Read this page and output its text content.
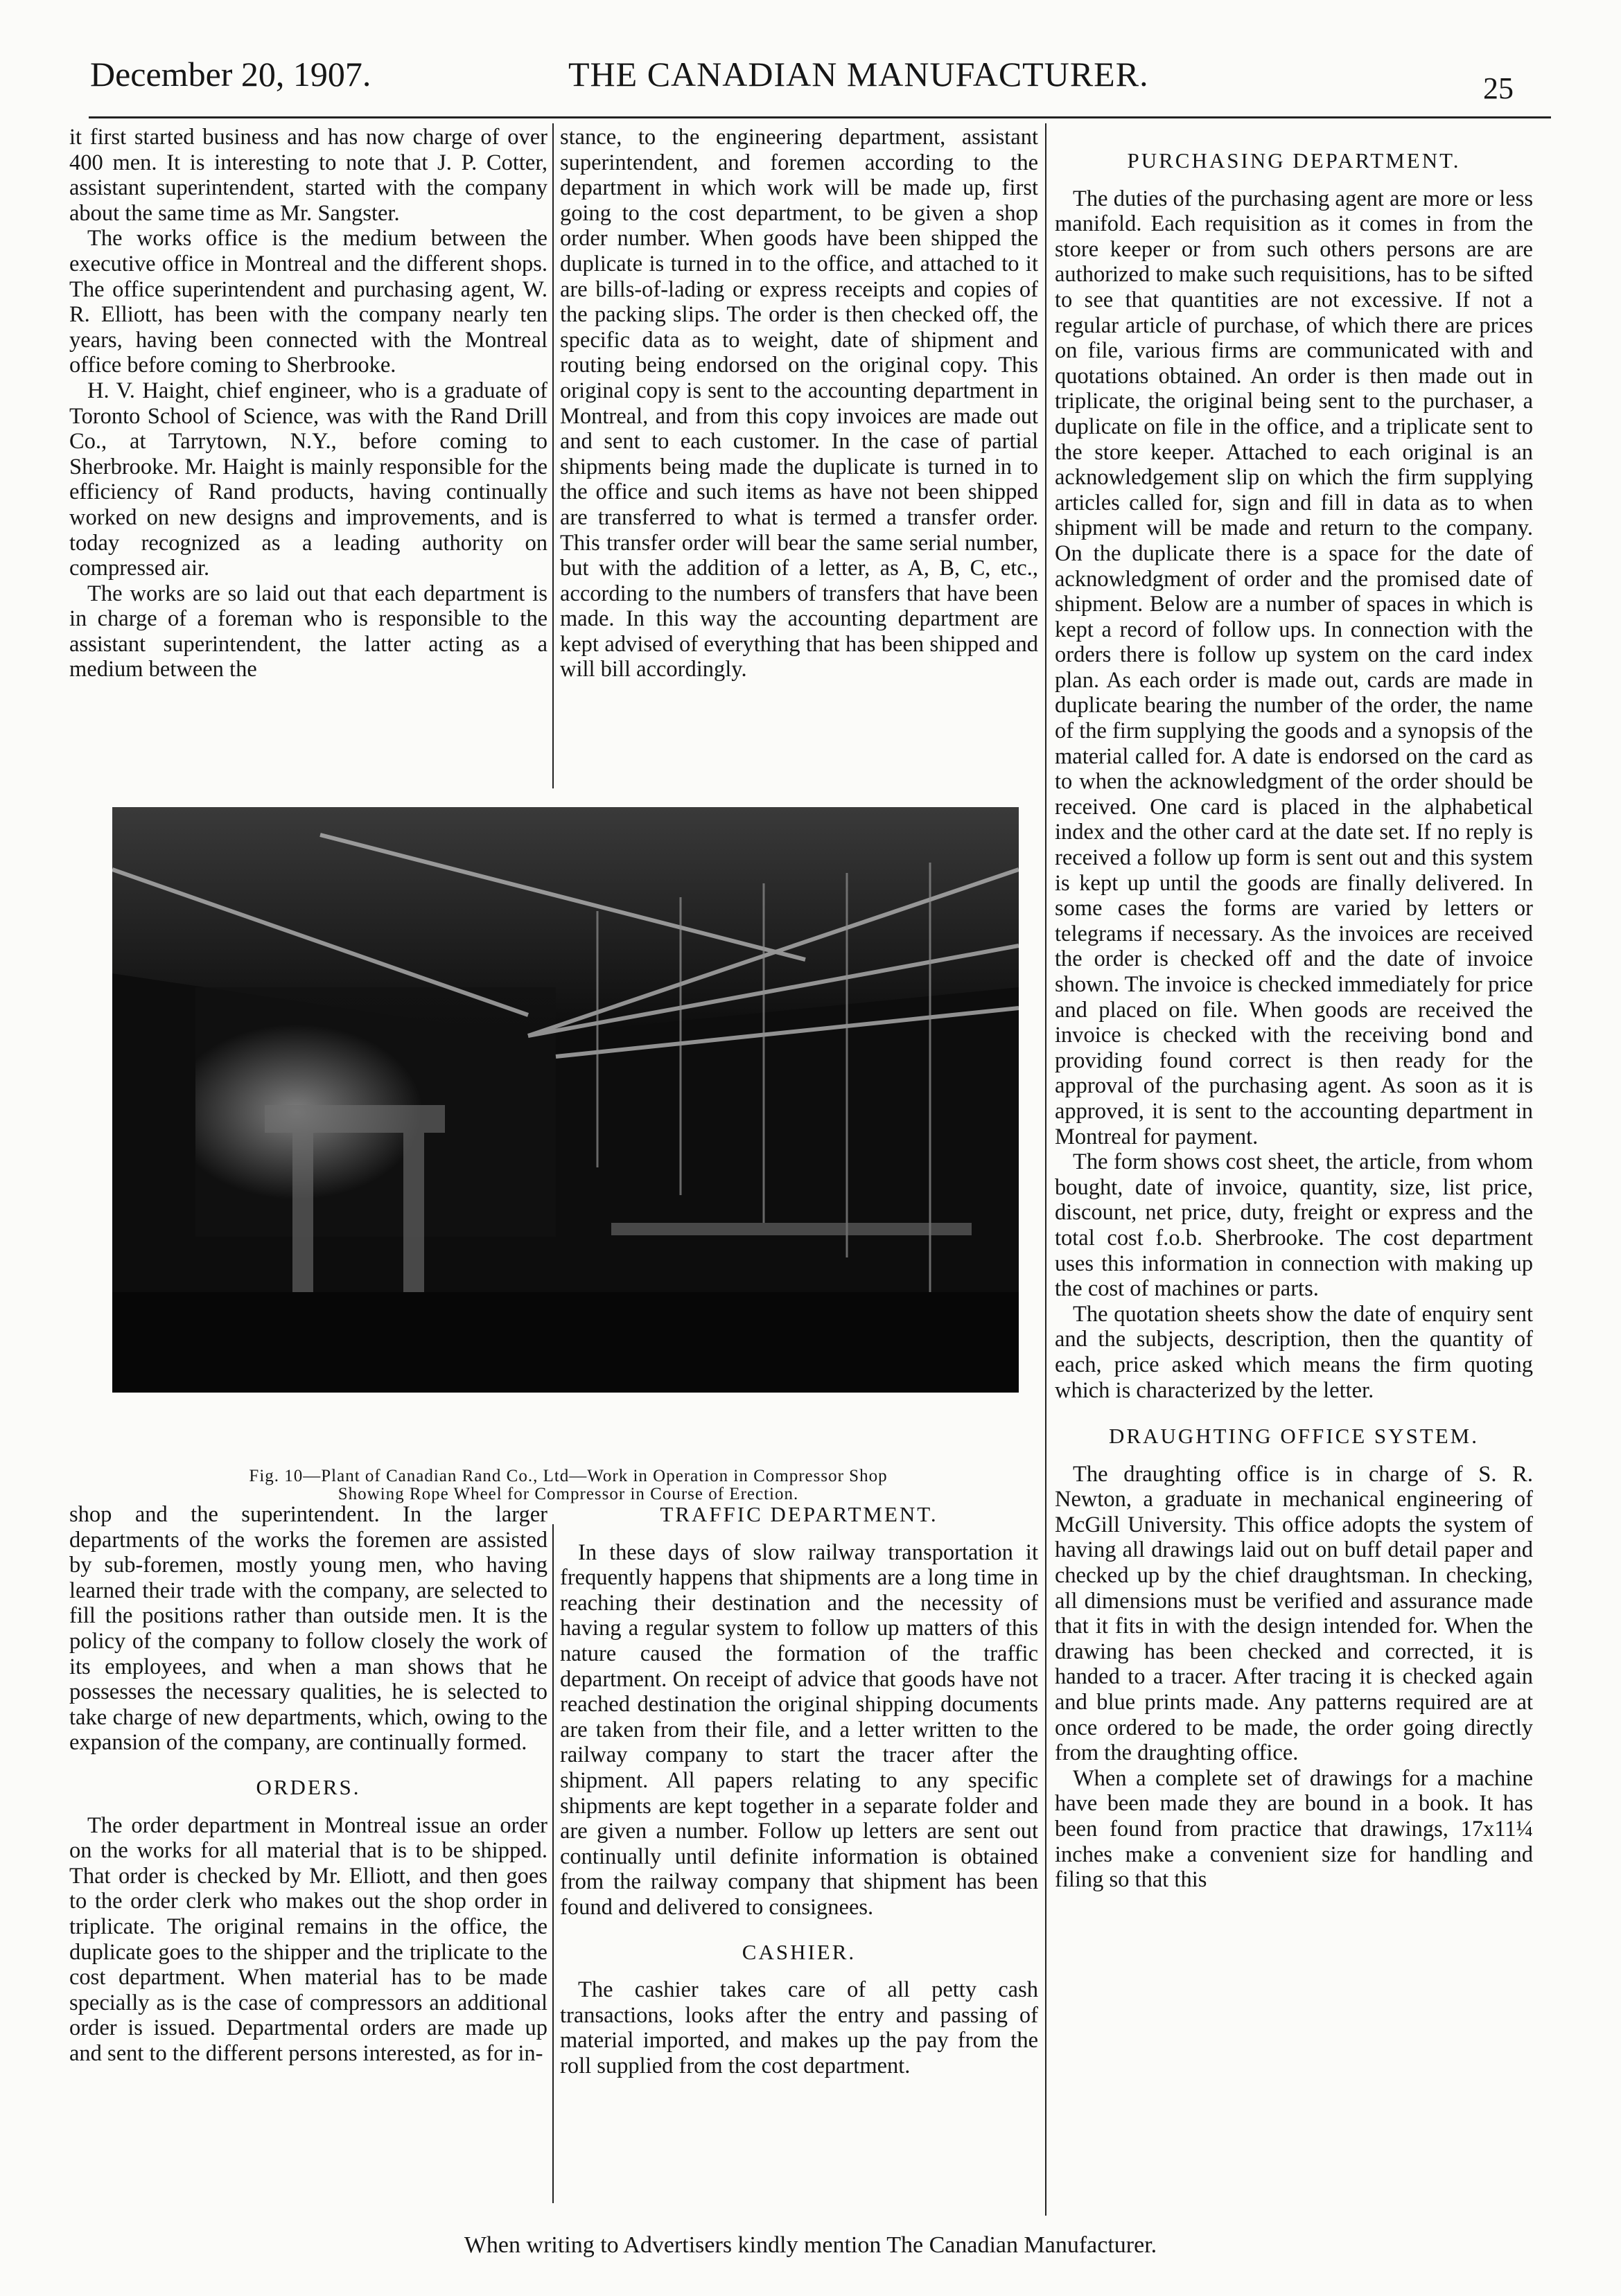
December 20, 1907.	THE CANADIAN MANUFACTURER.	25

it first started business and has now charge of over 400 men. It is interesting to note that J. P. Cotter, assistant superintendent, started with the company about the same time as Mr. Sangster.

The works office is the medium between the executive office in Montreal and the different shops. The office superintendent and purchasing agent, W. R. Elliott, has been with the company nearly ten years, having been connected with the Montreal office before coming to Sherbrooke.

H. V. Haight, chief engineer, who is a graduate of Toronto School of Science, was with the Rand Drill Co., at Tarrytown, N.Y., before coming to Sherbrooke. Mr. Haight is mainly responsible for the efficiency of Rand products, having continually worked on new designs and improvements, and is today recognized as a leading authority on compressed air.

The works are so laid out that each department is in charge of a foreman who is responsible to the assistant superintendent, the latter acting as a medium between the

stance, to the engineering department, assistant superintendent, and foremen according to the department in which work will be made up, first going to the cost department, to be given a shop order number. When goods have been shipped the duplicate is turned in to the office, and attached to it are bills-of-lading or express receipts and copies of the packing slips. The order is then checked off, the specific data as to weight, date of shipment and routing being endorsed on the original copy. This original copy is sent to the accounting department in Montreal, and from this copy invoices are made out and sent to each customer. In the case of partial shipments being made the duplicate is turned in to the office and such items as have not been shipped are transferred to what is termed a transfer order. This transfer order will bear the same serial number, but with the addition of a letter, as A, B, C, etc., according to the numbers of transfers that have been made. In this way the accounting department are kept advised of everything that has been shipped and will bill accordingly.

PURCHASING DEPARTMENT.

The duties of the purchasing agent are more or less manifold. Each requisition as it comes in from the store keeper or from such others persons are are authorized to make such requisitions, has to be sifted to see that quantities are not excessive. If not a regular article of purchase, of which there are prices on file, various firms are communicated with and quotations obtained. An order is then made out in triplicate, the original being sent to the purchaser, a duplicate on file in the office, and a triplicate sent to the store keeper. Attached to each original is an acknowledgement slip on which the firm supplying articles called for, sign and fill in data as to when shipment will be made and return to the company. On the duplicate there is a space for the date of acknowledgment of order and the promised date of shipment. Below are a number of spaces in which is kept a record of follow ups. In connection with the orders there is follow up system on the card index plan. As each order is made out, cards are made in duplicate bearing the number of the order, the name of the firm supplying the goods and a synopsis of the material called for. A date is endorsed on the card as to when the acknowledgment of the order should be received. One card is placed in the alphabetical index and the other card at the date set. If no reply is received a follow up form is sent out and this system is kept up until the goods are finally delivered. In some cases the forms are varied by letters or telegrams if necessary. As the invoices are received the order is checked off and the date of invoice shown. The invoice is checked immediately for price and placed on file. When goods are received the invoice is checked with the receiving bond and providing found correct is then ready for the approval of the purchasing agent. As soon as it is approved, it is sent to the accounting department in Montreal for payment.

The form shows cost sheet, the article, from whom bought, date of invoice, quantity, size, list price, discount, net price, duty, freight or express and the total cost f.o.b. Sherbrooke. The cost department uses this information in connection with making up the cost of machines or parts.

The quotation sheets show the date of enquiry sent and the subjects, description, then the quantity of each, price asked which means the firm quoting which is characterized by the letter.

DRAUGHTING OFFICE SYSTEM.

The draughting office is in charge of S. R. Newton, a graduate in mechanical engineering of McGill University. This office adopts the system of having all drawings laid out on buff detail paper and checked up by the chief draughtsman. In checking, all dimensions must be verified and assurance made that it fits in with the design intended for. When the drawing has been checked and corrected, it is handed to a tracer. After tracing it is checked again and blue prints made. Any patterns required are at once ordered to be made, the order going directly from the draughting office.

When a complete set of drawings for a machine have been made they are bound in a book. It has been found from practice that drawings, 17x11¼ inches make a convenient size for handling and filing so that this

Fig. 10—Plant of Canadian Rand Co., Ltd—Work in Operation in Compressor Shop
Showing Rope Wheel for Compressor in Course of Erection.

shop and the superintendent. In the larger departments of the works the foremen are assisted by sub-foremen, mostly young men, who having learned their trade with the company, are selected to fill the positions rather than outside men. It is the policy of the company to follow closely the work of its employees, and when a man shows that he possesses the necessary qualities, he is selected to take charge of new departments, which, owing to the expansion of the company, are continually formed.

ORDERS.

The order department in Montreal issue an order on the works for all material that is to be shipped. That order is checked by Mr. Elliott, and then goes to the order clerk who makes out the shop order in triplicate. The original remains in the office, the duplicate goes to the shipper and the triplicate to the cost department. When material has to be made specially as is the case of compressors an additional order is issued. Departmental orders are made up and sent to the different persons interested, as for in-

TRAFFIC DEPARTMENT.

In these days of slow railway transportation it frequently happens that shipments are a long time in reaching their destination and the necessity of having a regular system to follow up matters of this nature caused the formation of the traffic department. On receipt of advice that goods have not reached destination the original shipping documents are taken from their file, and a letter written to the railway company to start the tracer after the shipment. All papers relating to any specific shipments are kept together in a separate folder and are given a number. Follow up letters are sent out continually until definite information is obtained from the railway company that shipment has been found and delivered to consignees.

CASHIER.

The cashier takes care of all petty cash transactions, looks after the entry and passing of material imported, and makes up the pay from the roll supplied from the cost department.

When writing to Advertisers kindly mention The Canadian Manufacturer.
